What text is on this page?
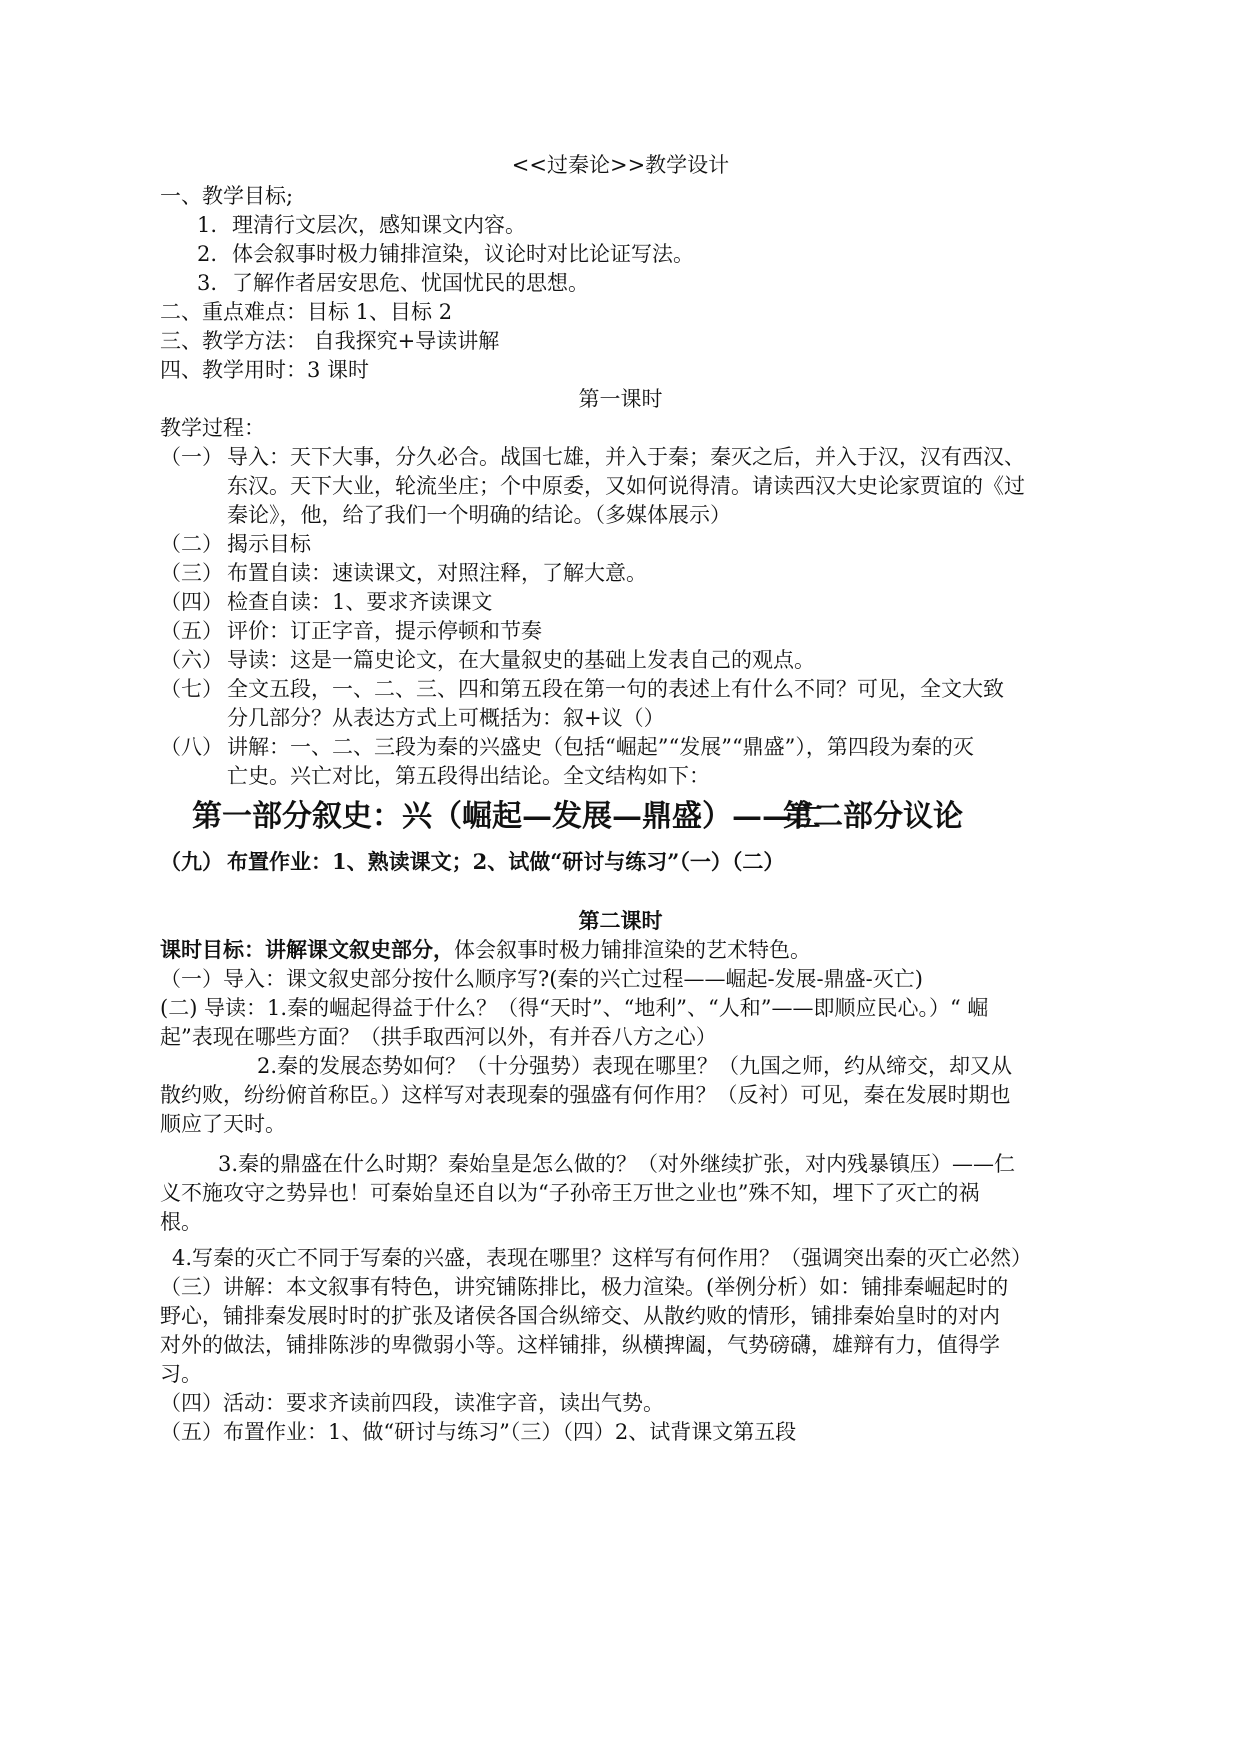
<<过秦论>>教学设计
一、教学目标;
1. 理清行文层次，感知课文内容。
2. 体会叙事时极力铺排渲染，议论时对比论证写法。
3. 了解作者居安思危、忧国忧民的思想。
二、重点难点：目标 1、目标 2
三、教学方法： 自我探究+导读讲解
四、教学用时：3 课时
第一课时
教学过程：
（一） 导入：天下大事，分久必合。战国七雄，并入于秦；秦灭之后，并入于汉，汉有西汉、
东汉。天下大业，轮流坐庄；个中原委，又如何说得清。请读西汉大史论家贾谊的《过
秦论》，他，给了我们一个明确的结论。（多媒体展示）
（二） 揭示目标
（三） 布置自读：速读课文，对照注释，了解大意。
（四） 检查自读：1、要求齐读课文
（五） 评价：订正字音，提示停顿和节奏
（六） 导读：这是一篇史论文，在大量叙史的基础上发表自己的观点。
（七） 全文五段，一、二、三、四和第五段在第一句的表述上有什么不同？可见，全文大致
分几部分？从表达方式上可概括为：叙+议（）
（八） 讲解：一、二、三段为秦的兴盛史（包括“崛起”“发展”“鼎盛”），第四段为秦的灭
亡史。兴亡对比，第五段得出结论。全文结构如下：
第一部分叙史：兴（崛起—发展—鼎盛）——亡
第二部分议论
（九） 布置作业：1、熟读课文；2、试做“研讨与练习”（一）（二）
第二课时
课时目标：讲解课文叙史部分，体会叙事时极力铺排渲染的艺术特色。
（一）导入：课文叙史部分按什么顺序写?(秦的兴亡过程——崛起-发展-鼎盛-灭亡)
(二) 导读：1.秦的崛起得益于什么？（得“天时”、“地利”、“人和”——即顺应民心。）“ 崛
起”表现在哪些方面？（拱手取西河以外，有并吞八方之心）
2.秦的发展态势如何？（十分强势）表现在哪里？（九国之师，约从缔交，却又从
散约败，纷纷俯首称臣。）这样写对表现秦的强盛有何作用？（反衬）可见，秦在发展时期也
顺应了天时。
3.秦的鼎盛在什么时期？秦始皇是怎么做的？（对外继续扩张，对内残暴镇压）——仁
义不施攻守之势异也！可秦始皇还自以为“子孙帝王万世之业也”殊不知，埋下了灭亡的祸
根。
4.写秦的灭亡不同于写秦的兴盛，表现在哪里？这样写有何作用？（强调突出秦的灭亡必然）
（三）讲解：本文叙事有特色，讲究铺陈排比，极力渲染。(举例分析）如：铺排秦崛起时的
野心，铺排秦发展时时的扩张及诸侯各国合纵缔交、从散约败的情形，铺排秦始皇时的对内
对外的做法，铺排陈涉的卑微弱小等。这样铺排，纵横捭阖，气势磅礴，雄辩有力，值得学
习。
（四）活动：要求齐读前四段，读准字音，读出气势。
（五）布置作业：1、做“研讨与练习”（三）（四）2、试背课文第五段
